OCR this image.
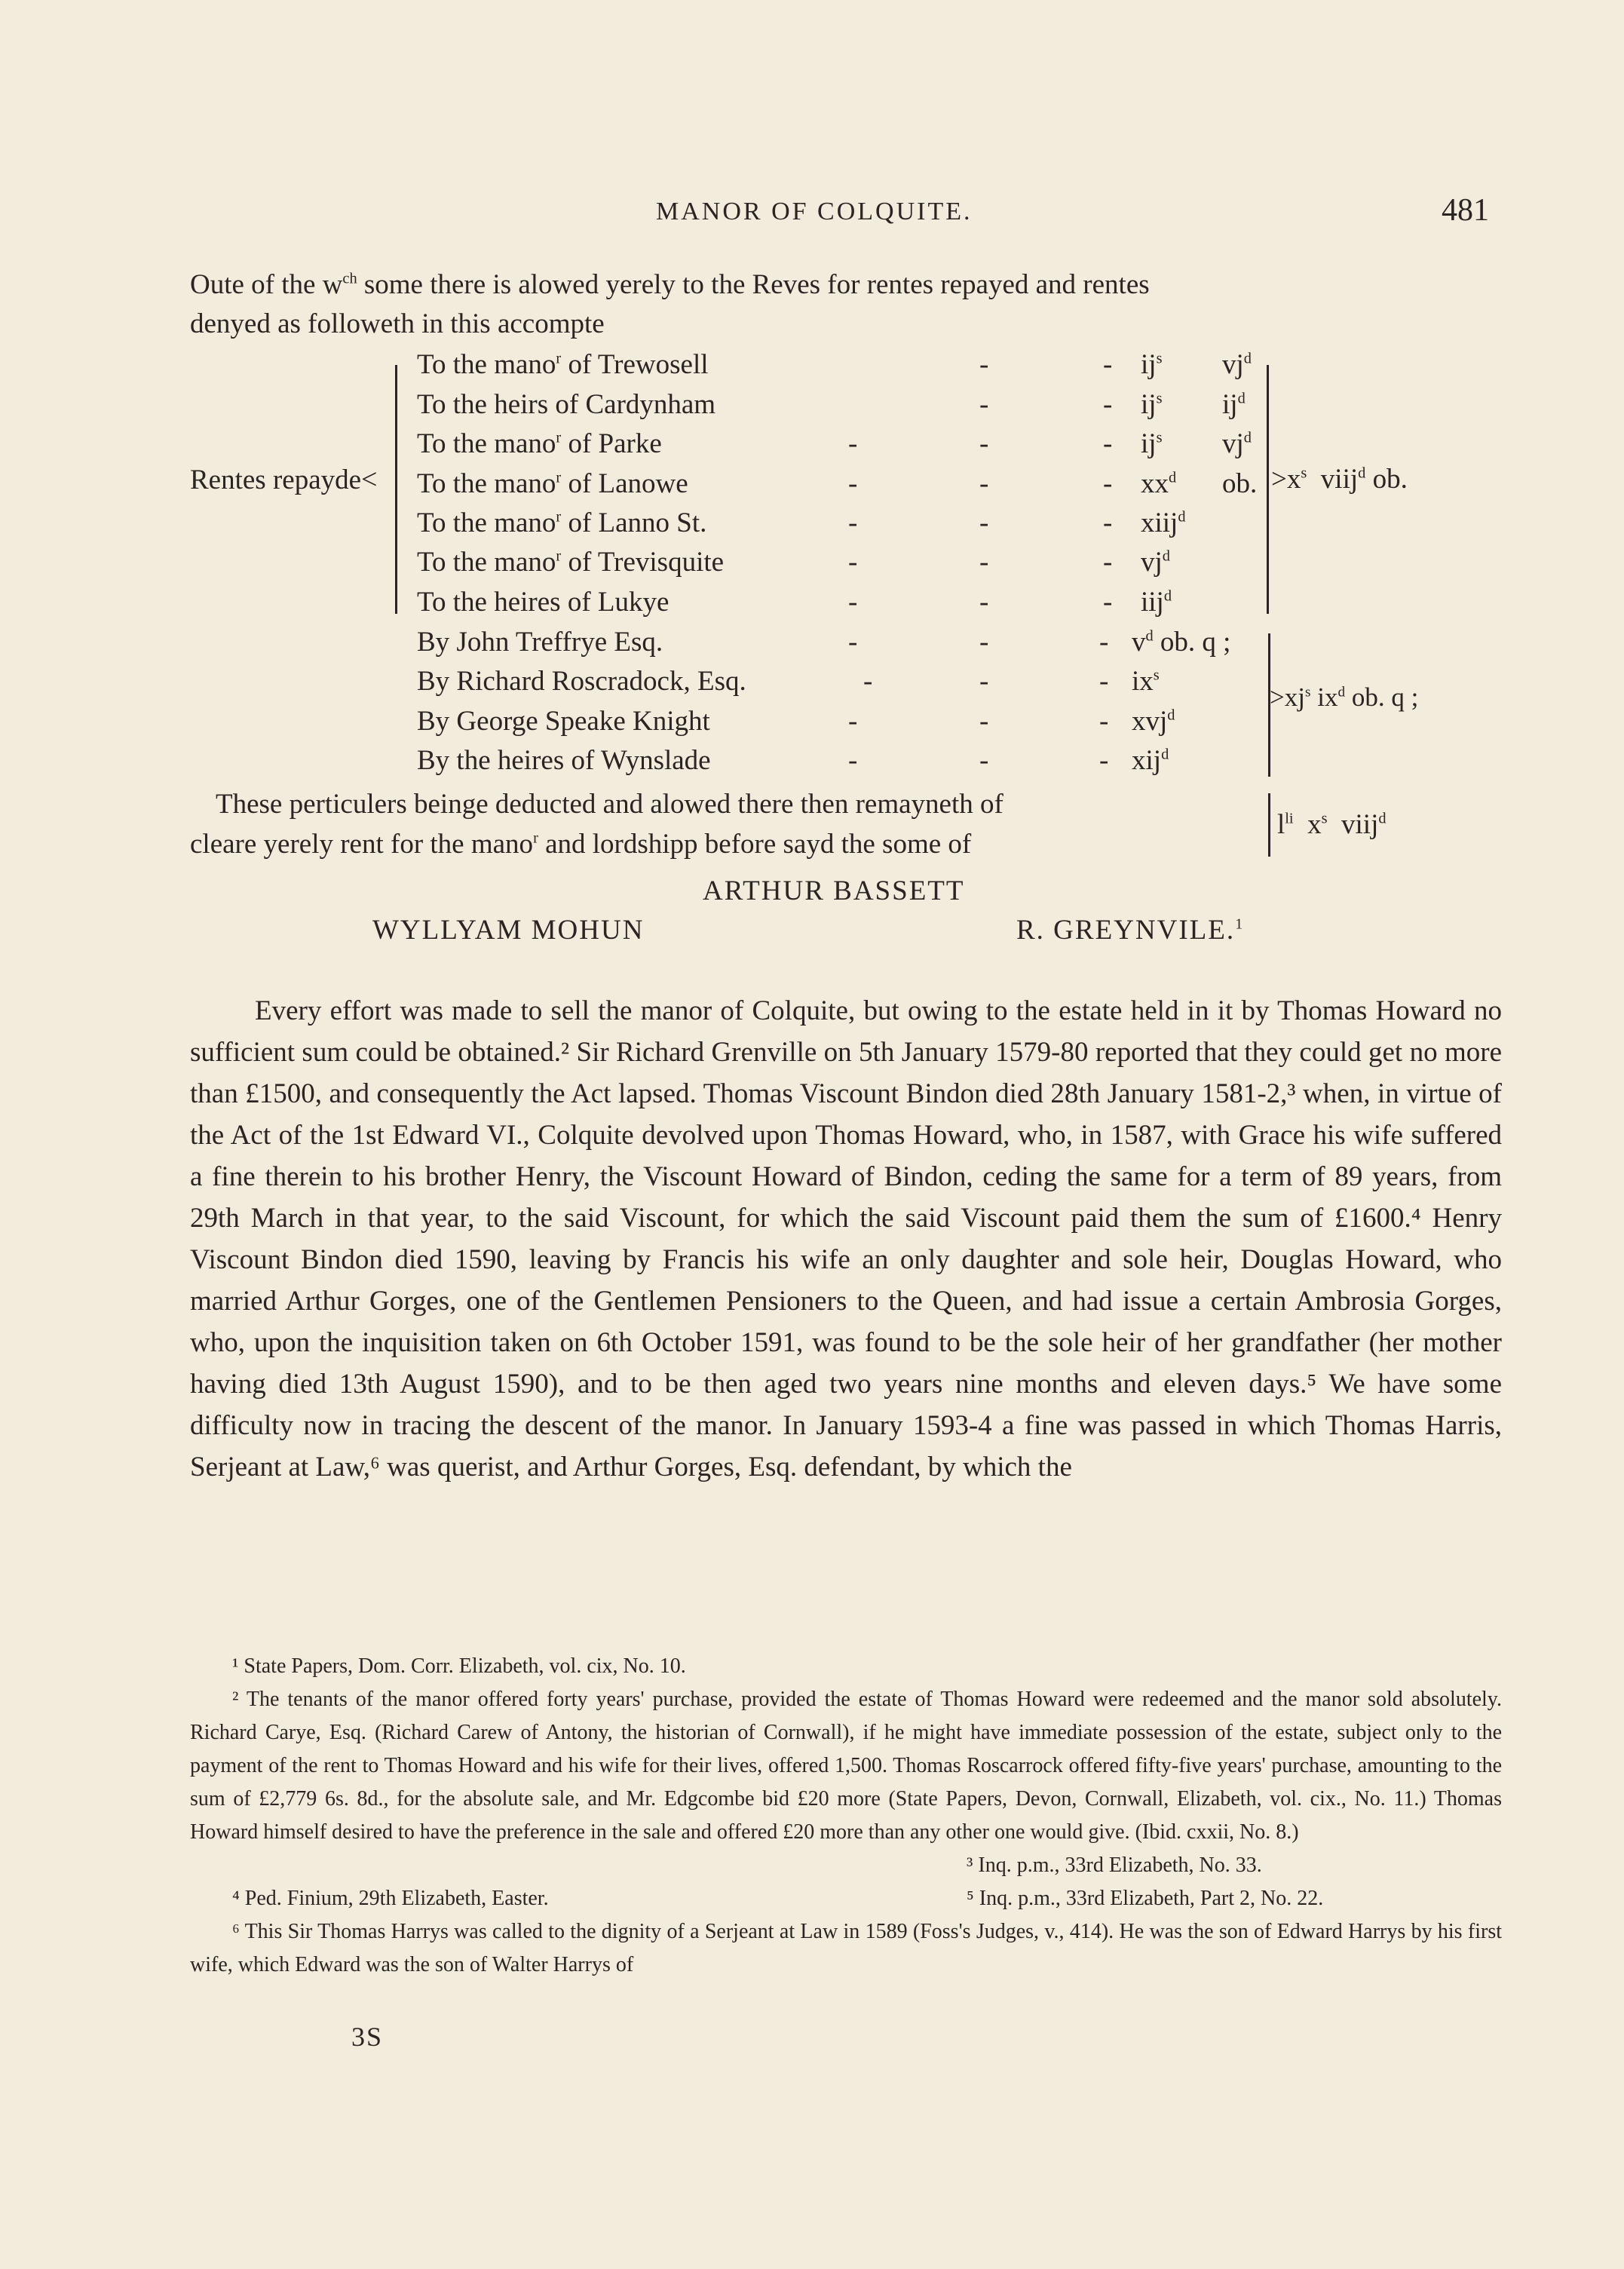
MANOR OF COLQUITE.	481
Oute of the $w^{ch}$ some there is alowed yerely to the Reves for rentes repayed and rentes
denyed as followeth in this accompte
Rentes repayde<
To the mano$^r$ of Trewosell	-	- $ij^s$ $vj^d$
To the heirs of Cardynham	-	- $ij^s$ $ij^d$
To the mano$^r$ of Parke	-	-	- $ij^s$ $vj^d$
To the mano$^r$ of Lanowe	-	-	- $xx^d$ ob.
To the mano$^r$ of Lanno St.	-	-	- xiij$^d$
To the mano$^r$ of Trevisquite	-	-	- $vj^d$
To the heires of Lukye	-	-	- iij$^d$
$>x^s$ viij$^d$ ob.
By John Treffrye Esq.	-	-	- $v^d$ ob. q ;
By Richard Roscradock, Esq.	-	-	- $ix^s$
By George Speake Knight	-	-	- xvj$^d$
By the heires of Wynslade	-	-	- xij$^d$
$>xj^s$ $ix^d$ ob. q ;
These perticulers beinge deducted and alowed there then remayneth of
cleare yerely rent for the mano$^r$ and lordshipp before sayd the some of
$l^{li}$ $x^s$ viij$^d$
ARTHUR BASSETT
WYLLYAM MOHUN	R. GREYNVILE.$^1$

Every effort was made to sell the manor of Colquite, but owing to the estate held in it by Thomas Howard no sufficient sum could be obtained.² Sir Richard Grenville on 5th January 1579-80 reported that they could get no more than £1500, and consequently the Act lapsed. Thomas Viscount Bindon died 28th January 1581-2,³ when, in virtue of the Act of the 1st Edward VI., Colquite devolved upon Thomas Howard, who, in 1587, with Grace his wife suffered a fine therein to his brother Henry, the Viscount Howard of Bindon, ceding the same for a term of 89 years, from 29th March in that year, to the said Viscount, for which the said Viscount paid them the sum of £1600.⁴ Henry Viscount Bindon died 1590, leaving by Francis his wife an only daughter and sole heir, Douglas Howard, who married Arthur Gorges, one of the Gentlemen Pensioners to the Queen, and had issue a certain Ambrosia Gorges, who, upon the inquisition taken on 6th October 1591, was found to be the sole heir of her grandfather (her mother having died 13th August 1590), and to be then aged two years nine months and eleven days.⁵ We have some difficulty now in tracing the descent of the manor. In January 1593-4 a fine was passed in which Thomas Harris, Serjeant at Law,⁶ was querist, and Arthur Gorges, Esq. defendant, by which the

¹ State Papers, Dom. Corr. Elizabeth, vol. cix, No. 10.

² The tenants of the manor offered forty years' purchase, provided the estate of Thomas Howard were redeemed and the manor sold absolutely. Richard Carye, Esq. (Richard Carew of Antony, the historian of Cornwall), if he might have immediate possession of the estate, subject only to the payment of the rent to Thomas Howard and his wife for their lives, offered 1,500. Thomas Roscarrock offered fifty-five years' purchase, amounting to the sum of £2,779 6s. 8d., for the absolute sale, and Mr. Edgcombe bid £20 more (State Papers, Devon, Cornwall, Elizabeth, vol. cix., No. 11.) Thomas Howard himself desired to have the preference in the sale and offered £20 more than any other one would give. (Ibid. cxxii, No. 8.)

³ Inq. p.m., 33rd Elizabeth, No. 33.

⁴ Ped. Finium, 29th Elizabeth, Easter.	⁵ Inq. p.m., 33rd Elizabeth, Part 2, No. 22.

⁶ This Sir Thomas Harrys was called to the dignity of a Serjeant at Law in 1589 (Foss's Judges, v., 414). He was the son of Edward Harrys by his first wife, which Edward was the son of Walter Harrys of

3S
